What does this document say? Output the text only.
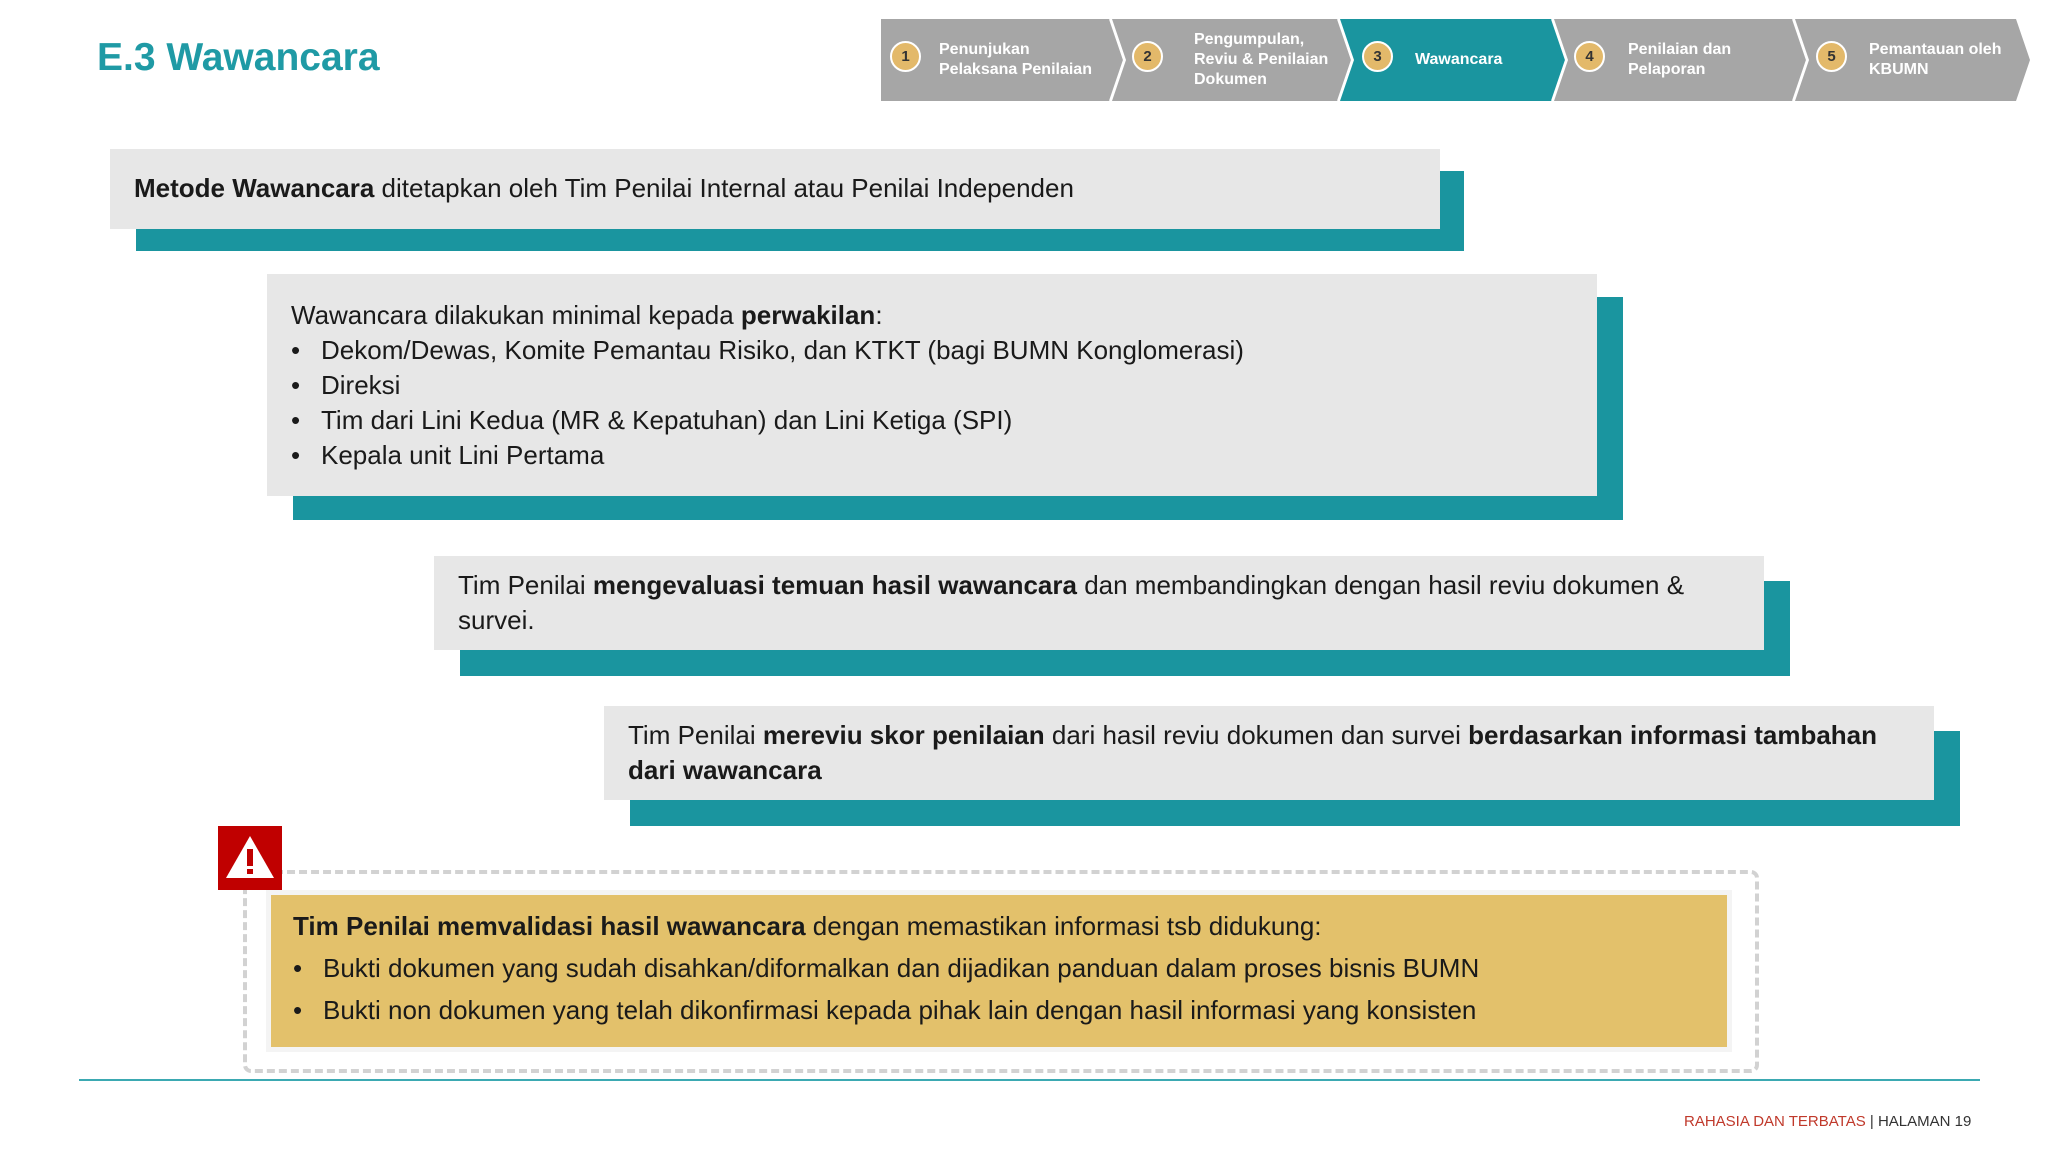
E.3 Wawancara	1	Penunjukan
Pelaksana Penilaian
2
Pengumpulan,
Reviu & Penilaian
Dokumen
3	Wawancara	4	Penilaian dan
Pelaporan
5	Pemantauan oleh
KBUMN
Metode Wawancara ditetapkan oleh Tim Penilai Internal atau Penilai Independen
Wawancara dilakukan minimal kepada perwakilan:
• Dekom/Dewas, Komite Pemantau Risiko, dan KTKT (bagi BUMN Konglomerasi)
• Direksi
• Tim dari Lini Kedua (MR & Kepatuhan) dan Lini Ketiga (SPI)
• Kepala unit Lini Pertama
Tim Penilai mengevaluasi temuan hasil wawancara dan membandingkan dengan hasil reviu dokumen & survei.
Tim Penilai mereviu skor penilaian dari hasil reviu dokumen dan survei berdasarkan informasi tambahan dari wawancara
Tim Penilai memvalidasi hasil wawancara dengan memastikan informasi tsb didukung:
• Bukti dokumen yang sudah disahkan/diformalkan dan dijadikan panduan dalam proses bisnis BUMN
• Bukti non dokumen yang telah dikonfirmasi kepada pihak lain dengan hasil informasi yang konsisten
RAHASIA DAN TERBATAS | HALAMAN 19
